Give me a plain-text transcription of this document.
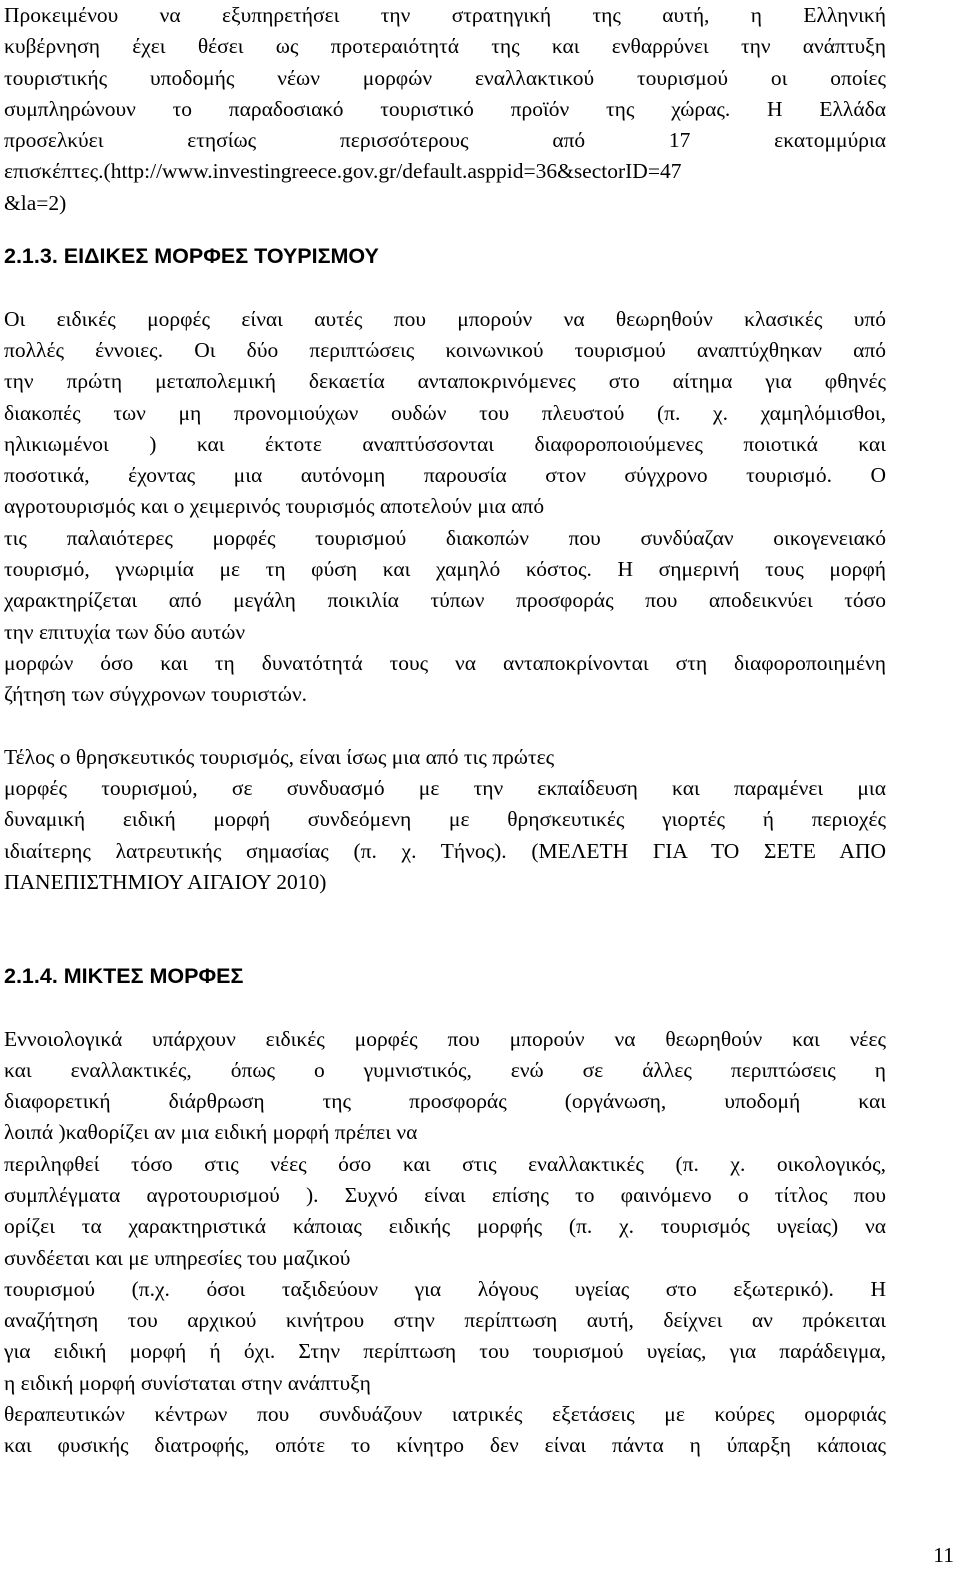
Προκειμένου να εξυπηρετήσει την στρατηγική της αυτή, η Ελληνική
κυβέρνηση έχει θέσει ως προτεραιότητά της και ενθαρρύνει την ανάπτυξη
τουριστικής υποδομής νέων μορφών εναλλακτικού τουρισμού οι οποίες
συμπληρώνουν το παραδοσιακό τουριστικό προϊόν της χώρας. Η Ελλάδα
προσελκύει ετησίως περισσότερους από 17 εκατομμύρια
επισκέπτες.(http://www.investingreece.gov.gr/default.asppid=36&sectorID=47
&la=2)
2.1.3. ΕΙΔΙΚΕΣ ΜΟΡΦΕΣ ΤΟΥΡΙΣΜΟΥ
Οι ειδικές μορφές είναι αυτές που μπορούν να θεωρηθούν κλασικές υπό
πολλές έννοιες. Οι δύο περιπτώσεις κοινωνικού τουρισμού αναπτύχθηκαν από
την πρώτη μεταπολεμική δεκαετία ανταποκρινόμενες στο αίτημα για φθηνές
διακοπές των μη προνομιούχων ουδών του πλευστού (π. χ. χαμηλόμισθοι,
ηλικιωμένοι ) και έκτοτε αναπτύσσονται διαφοροποιούμενες ποιοτικά και
ποσοτικά, έχοντας μια αυτόνομη παρουσία στον σύγχρονο τουρισμό. Ο
αγροτουρισμός και ο χειμερινός τουρισμός αποτελούν μια από
τις παλαιότερες μορφές τουρισμού διακοπών που συνδύαζαν οικογενειακό
τουρισμό, γνωριμία με τη φύση και χαμηλό κόστος. Η σημερινή τους μορφή
χαρακτηρίζεται από μεγάλη ποικιλία τύπων προσφοράς που αποδεικνύει τόσο
την επιτυχία των δύο αυτών
μορφών όσο και τη δυνατότητά τους να ανταποκρίνονται στη διαφοροποιημένη
ζήτηση των σύγχρονων τουριστών.
Τέλος ο θρησκευτικός τουρισμός, είναι ίσως μια από τις πρώτες
μορφές τουρισμού, σε συνδυασμό με την εκπαίδευση και παραμένει μια
δυναμική ειδική μορφή συνδεόμενη με θρησκευτικές γιορτές ή περιοχές
ιδιαίτερης λατρευτικής σημασίας (π. χ. Τήνος). (ΜΕΛΕΤΗ ΓΙΑ ΤΟ ΣΕΤΕ ΑΠΟ
ΠΑΝΕΠΙΣΤΗΜΙΟΥ ΑΙΓΑΙΟΥ 2010)
2.1.4. ΜΙΚΤΕΣ ΜΟΡΦΕΣ
Εννοιολογικά υπάρχουν ειδικές μορφές που μπορούν να θεωρηθούν και νέες
και εναλλακτικές, όπως ο γυμνιστικός, ενώ σε άλλες περιπτώσεις η
διαφορετική διάρθρωση της προσφοράς (οργάνωση, υποδομή και
λοιπά )καθορίζει αν μια ειδική μορφή πρέπει να
περιληφθεί τόσο στις νέες όσο και στις εναλλακτικές (π. χ. οικολογικός,
συμπλέγματα αγροτουρισμού ). Συχνό είναι επίσης το φαινόμενο ο τίτλος που
ορίζει τα χαρακτηριστικά κάποιας ειδικής μορφής (π. χ. τουρισμός υγείας) να
συνδέεται και με υπηρεσίες του μαζικού
τουρισμού (π.χ. όσοι ταξιδεύουν για λόγους υγείας στο εξωτερικό). Η
αναζήτηση του αρχικού κινήτρου στην περίπτωση αυτή, δείχνει αν πρόκειται
για ειδική μορφή ή όχι. Στην περίπτωση του τουρισμού υγείας, για παράδειγμα,
η ειδική μορφή συνίσταται στην ανάπτυξη
θεραπευτικών κέντρων που συνδυάζουν ιατρικές εξετάσεις με κούρες ομορφιάς
και φυσικής διατροφής, οπότε το κίνητρο δεν είναι πάντα η ύπαρξη κάποιας
11
